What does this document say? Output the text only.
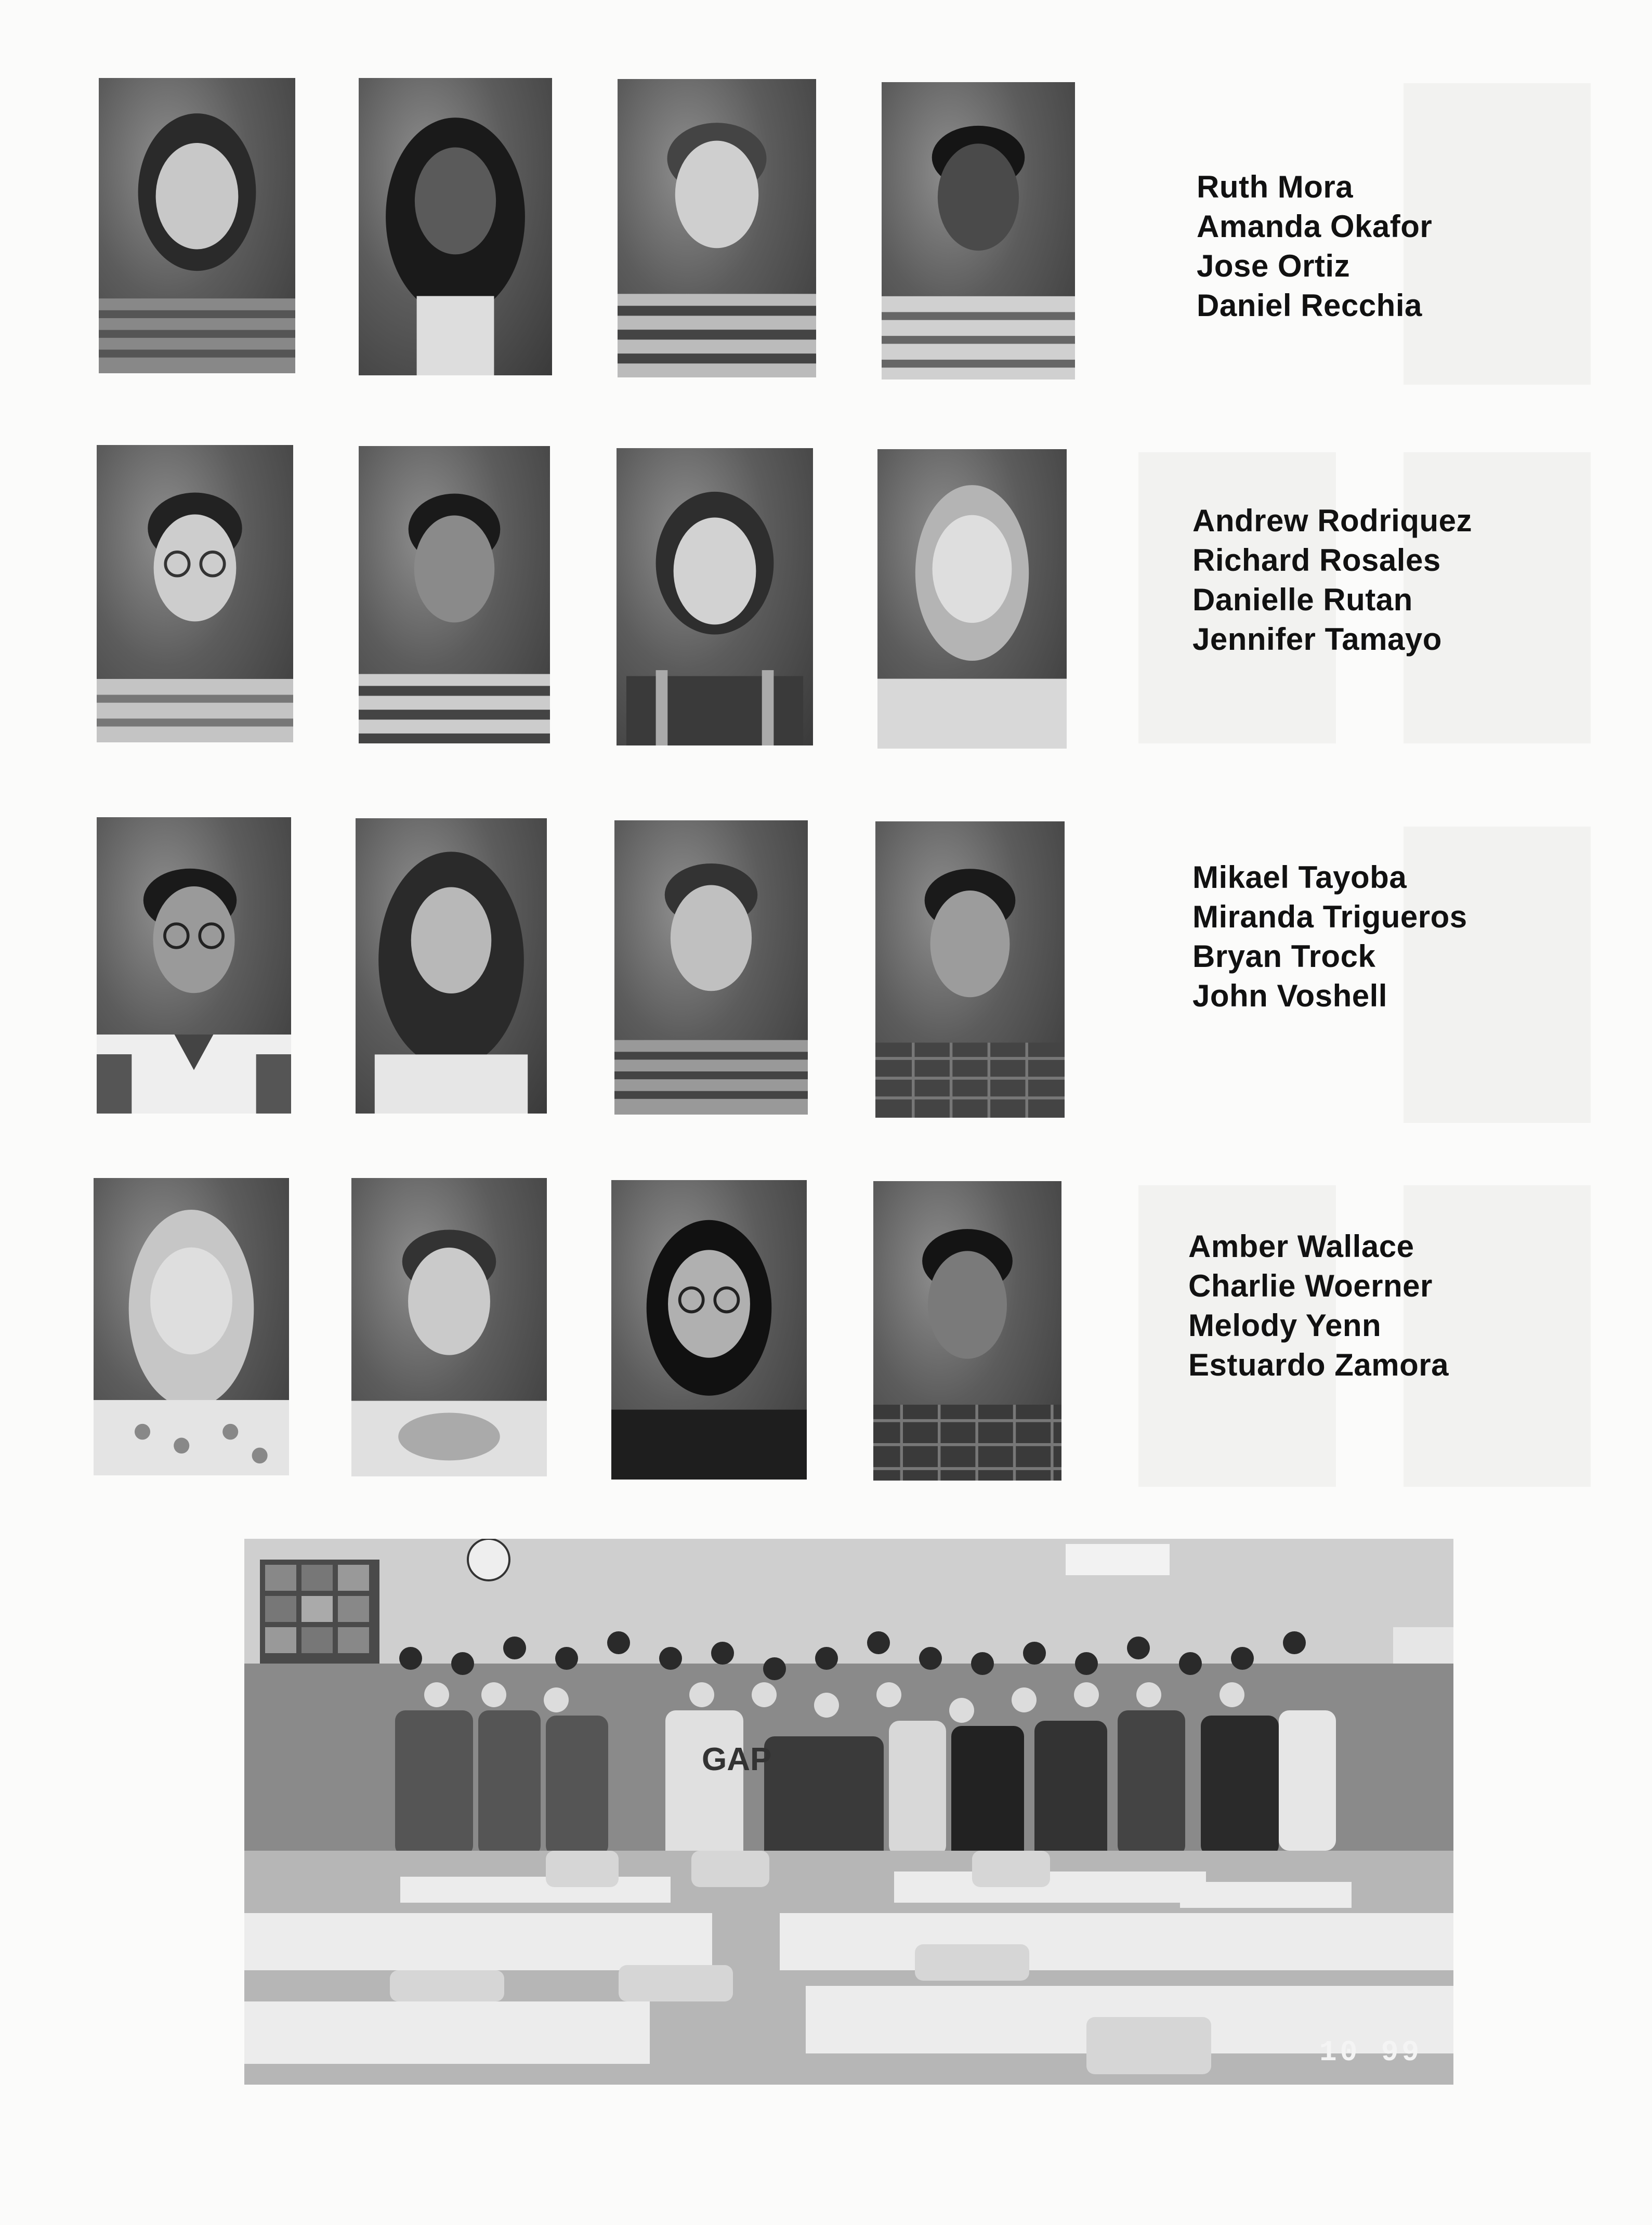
Ruth Mora
Amanda Okafor
Jose Ortiz
Daniel Recchia
Andrew Rodriquez
Richard Rosales
Danielle Rutan
Jennifer Tamayo
Mikael Tayoba
Miranda Trigueros
Bryan Trock
John Voshell
Amber Wallace
Charlie Woerner
Melody Yenn
Estuardo Zamora
GAP
10 99
